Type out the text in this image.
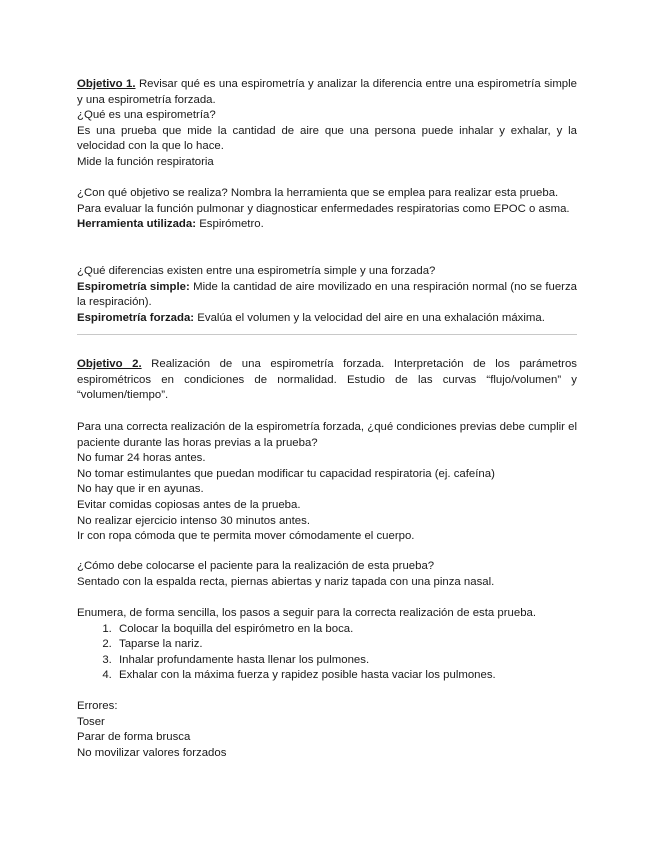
Objetivo 1. Revisar qué es una espirometría y analizar la diferencia entre una espirometría simple y una espirometría forzada.

¿Qué es una espirometría?

Es una prueba que mide la cantidad de aire que una persona puede inhalar y exhalar, y la velocidad con la que lo hace.

Mide la función respiratoria

¿Con qué objetivo se realiza? Nombra la herramienta que se emplea para realizar esta prueba.

Para evaluar la función pulmonar y diagnosticar enfermedades respiratorias como EPOC o asma.

Herramienta utilizada: Espirómetro.

¿Qué diferencias existen entre una espirometría simple y una forzada?

Espirometría simple: Mide la cantidad de aire movilizado en una respiración normal (no se fuerza la respiración).

Espirometría forzada: Evalúa el volumen y la velocidad del aire en una exhalación máxima.

Objetivo 2. Realización de una espirometría forzada. Interpretación de los parámetros espirométricos en condiciones de normalidad. Estudio de las curvas “flujo/volumen” y “volumen/tiempo”.

Para una correcta realización de la espirometría forzada, ¿qué condiciones previas debe cumplir el paciente durante las horas previas a la prueba?

No fumar 24 horas antes.

No tomar estimulantes que puedan modificar tu capacidad respiratoria (ej. cafeína)

No hay que ir en ayunas.

Evitar comidas copiosas antes de la prueba.

No realizar ejercicio intenso 30 minutos antes.

Ir con ropa cómoda que te permita mover cómodamente el cuerpo.

¿Cómo debe colocarse el paciente para la realización de esta prueba?

Sentado con la espalda recta, piernas abiertas y nariz tapada con una pinza nasal.

Enumera, de forma sencilla, los pasos a seguir para la correcta realización de esta prueba.

1. Colocar la boquilla del espirómetro en la boca.
2. Taparse la nariz.
3. Inhalar profundamente hasta llenar los pulmones.
4. Exhalar con la máxima fuerza y rapidez posible hasta vaciar los pulmones.

Errores:

Toser

Parar de forma brusca

No movilizar valores forzados
